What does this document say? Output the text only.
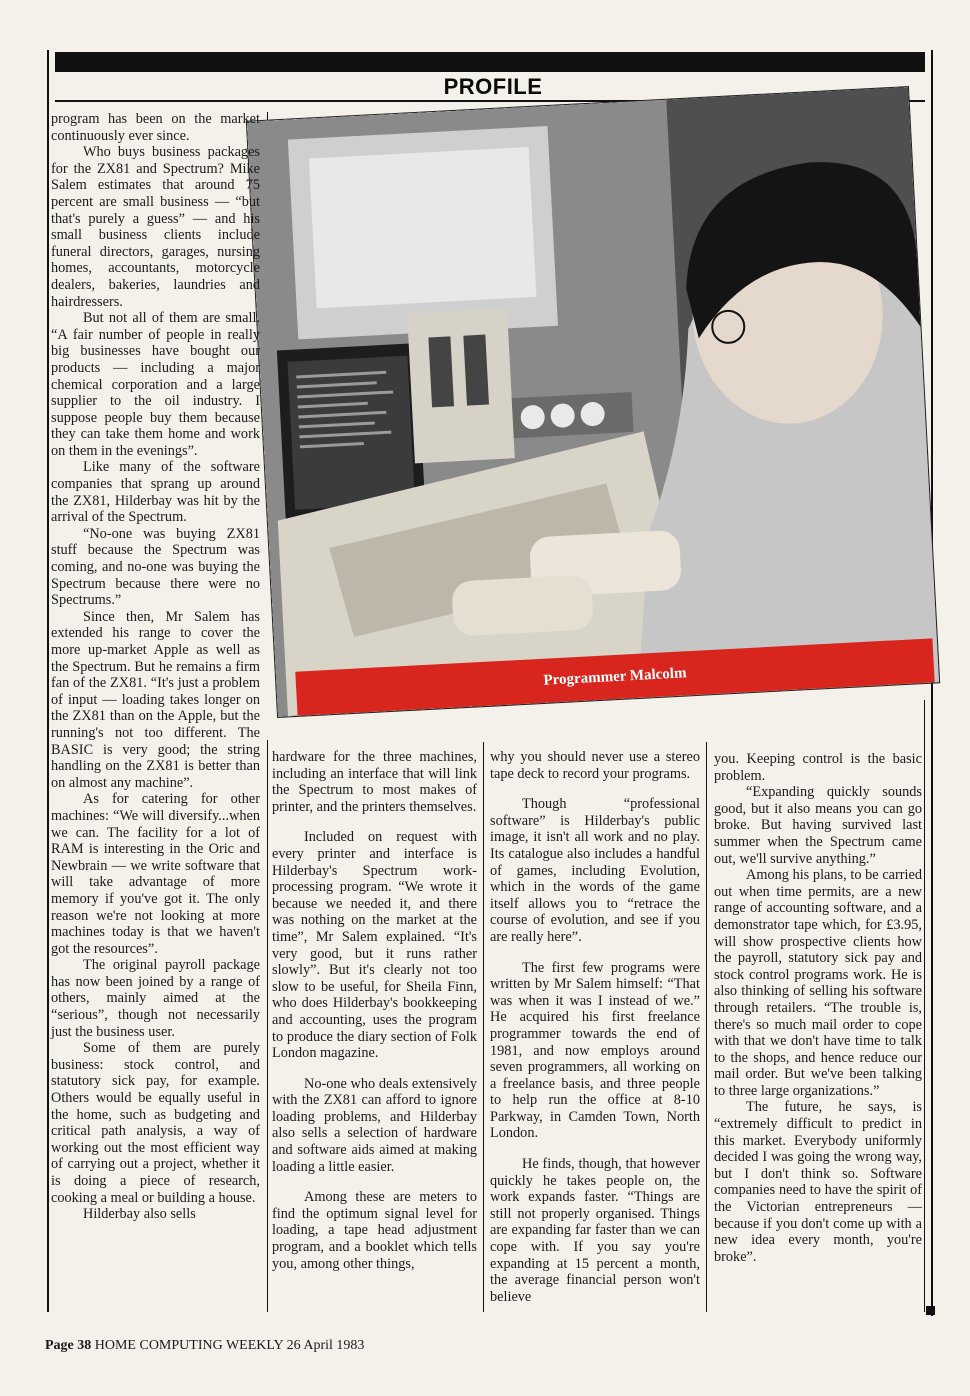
PROFILE
Programmer Malcolm

program has been on the market continuously ever since.

Who buys business packages for the ZX81 and Spectrum? Mike Salem estimates that around 75 percent are small business — “but that's purely a guess” — and his small business clients include funeral directors, garages, nursing homes, accountants, motorcycle dealers, bakeries, laundries and hairdressers.

But not all of them are small. “A fair number of people in really big businesses have bought our products — including a major chemical corporation and a large supplier to the oil industry. I suppose people buy them because they can take them home and work on them in the evenings”.

Like many of the software companies that sprang up around the ZX81, Hilderbay was hit by the arrival of the Spectrum.

“No-one was buying ZX81 stuff because the Spectrum was coming, and no-one was buying the Spectrum because there were no Spectrums.”

Since then, Mr Salem has extended his range to cover the more up-market Apple as well as the Spectrum. But he remains a firm fan of the ZX81. “It's just a problem of input — loading takes longer on the ZX81 than on the Apple, but the running's not too different. The BASIC is very good; the string handling on the ZX81 is better than on almost any machine”.

As for catering for other machines: “We will diversify...when we can. The facility for a lot of RAM is interesting in the Oric and Newbrain — we write software that will take advantage of more memory if you've got it. The only reason we're not looking at more machines today is that we haven't got the resources”.

The original payroll package has now been joined by a range of others, mainly aimed at the “serious”, though not necessarily just the business user.

Some of them are purely business: stock control, and statutory sick pay, for example. Others would be equally useful in the home, such as budgeting and critical path analysis, a way of working out the most efficient way of carrying out a project, whether it is doing a piece of research, cooking a meal or building a house.

Hilderbay also sells

hardware for the three machines, including an interface that will link the Spectrum to most makes of printer, and the printers themselves.

Included on request with every printer and interface is Hilderbay's Spectrum work-processing program. “We wrote it because we needed it, and there was nothing on the market at the time”, Mr Salem explained. “It's very good, but it runs rather slowly”. But it's clearly not too slow to be useful, for Sheila Finn, who does Hilderbay's bookkeeping and accounting, uses the program to produce the diary section of Folk London magazine.

No-one who deals extensively with the ZX81 can afford to ignore loading problems, and Hilderbay also sells a selection of hardware and software aids aimed at making loading a little easier.

Among these are meters to find the optimum signal level for loading, a tape head adjustment program, and a booklet which tells you, among other things,

why you should never use a stereo tape deck to record your programs.

Though “professional software” is Hilderbay's public image, it isn't all work and no play. Its catalogue also includes a handful of games, including Evolution, which in the words of the game itself allows you to “retrace the course of evolution, and see if you are really here”.

The first few programs were written by Mr Salem himself: “That was when it was I instead of we.” He acquired his first freelance programmer towards the end of 1981, and now employs around seven programmers, all working on a freelance basis, and three people to help run the office at 8-10 Parkway, in Camden Town, North London.

He finds, though, that however quickly he takes people on, the work expands faster. “Things are still not properly organised. Things are expanding far faster than we can cope with. If you say you're expanding at 15 percent a month, the average financial person won't believe

you. Keeping control is the basic problem.

“Expanding quickly sounds good, but it also means you can go broke. But having survived last summer when the Spectrum came out, we'll survive anything.”

Among his plans, to be carried out when time permits, are a new range of accounting software, and a demonstrator tape which, for £3.95, will show prospective clients how the payroll, statutory sick pay and stock control programs work. He is also thinking of selling his software through retailers. “The trouble is, there's so much mail order to cope with that we don't have time to talk to the shops, and hence reduce our mail order. But we've been talking to three large organizations.”

The future, he says, is “extremely difficult to predict in this market. Everybody uniformly decided I was going the wrong way, but I don't think so. Software companies need to have the spirit of the Victorian entrepreneurs — because if you don't come up with a new idea every month, you're broke”.

Page 38 HOME COMPUTING WEEKLY 26 April 1983
